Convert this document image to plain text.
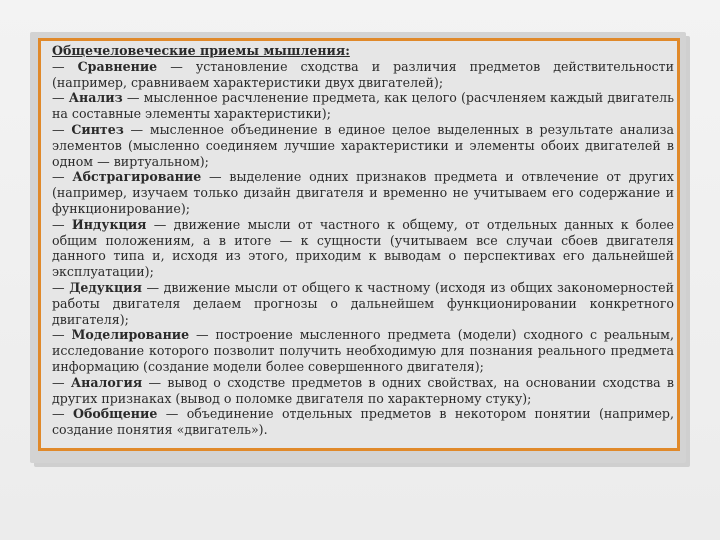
Общечеловеческие приемы мышления:

— Сравнение — установление сходства и различия предметов действительности (например, сравниваем характеристики двух двигателей);

— Анализ — мысленное расчленение предмета, как целого (расчленяем каждый двигатель на составные элементы характеристики);

— Синтез — мысленное объединение в единое целое выделенных в результате анализа элементов (мысленно соединяем лучшие характеристики и элементы обоих двигателей в одном — виртуальном);

— Абстрагирование — выделение одних признаков предмета и отвлечение от других (например, изучаем только дизайн двигателя и временно не учитываем его содержание и функционирование);

— Индукция — движение мысли от частного к общему, от отдельных данных к более общим положениям, а в итоге — к сущности (учитываем все случаи сбоев двигателя данного типа и, исходя из этого, приходим к выводам о перспективах его дальнейшей эксплуатации);

— Дедукция — движение мысли от общего к частному (исходя из общих закономерностей работы двигателя делаем прогнозы о дальнейшем функционировании конкретного двигателя);

— Моделирование — построение мысленного предмета (модели) сходного с реальным, исследование которого позволит получить необходимую для познания реального предмета информацию (создание модели более совершенного двигателя);

— Аналогия — вывод о сходстве предметов в одних свойствах, на основании сходства в других признаках (вывод о поломке двигателя по характерному стуку);

— Обобщение — объединение отдельных предметов в некотором понятии (например, создание понятия «двигатель»).
